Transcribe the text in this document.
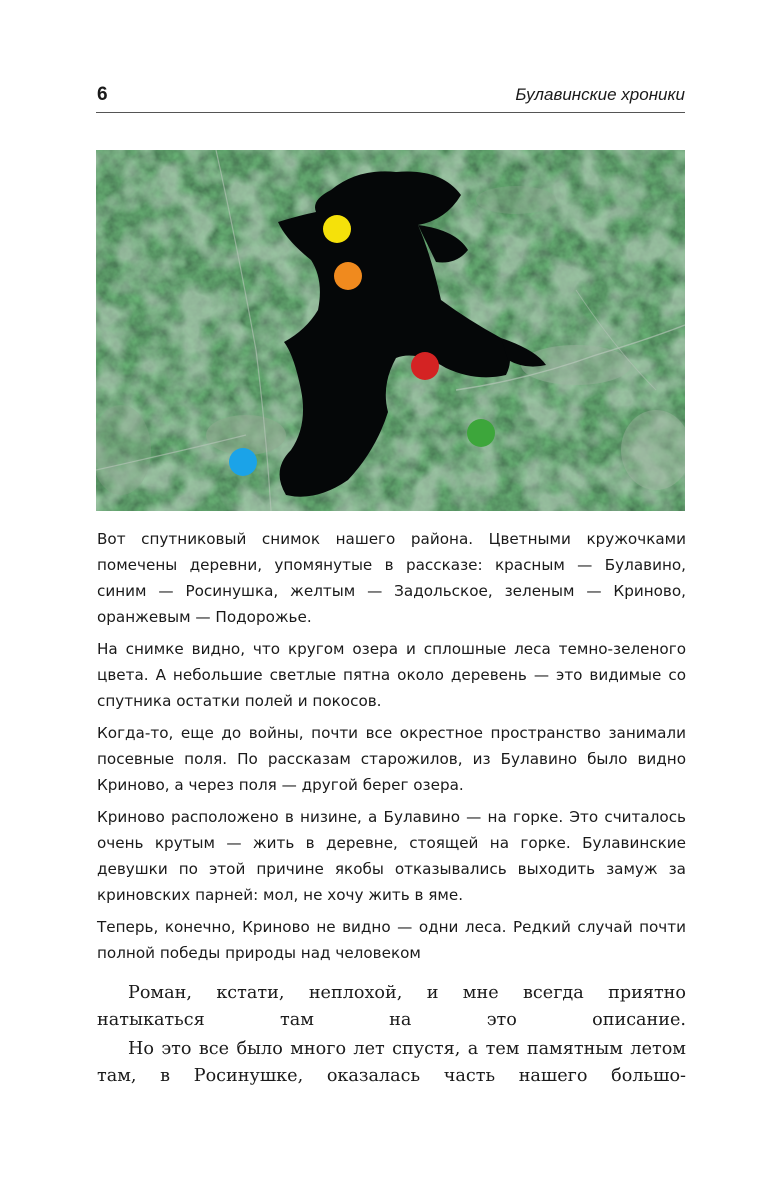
6	Булавинские хроники

Вот спутниковый снимок нашего района. Цветными кружочками помечены деревни, упомянутые в рассказе: красным — Булавино, синим — Росинушка, желтым — Задольское, зеленым — Криново, оранжевым — Подорожье.

На снимке видно, что кругом озера и сплошные леса темно-зеленого цвета. А небольшие светлые пятна около деревень — это видимые со спутника остатки полей и покосов.

Когда-то, еще до войны, почти все окрестное пространство занимали посевные поля. По рассказам старожилов, из Булавино было видно Криново, а через поля — другой берег озера.

Криново расположено в низине, а Булавино — на горке. Это считалось очень крутым — жить в деревне, стоящей на горке. Булавинские девушки по этой причине якобы отказывались выходить замуж за криновских парней: мол, не хочу жить в яме.

Теперь, конечно, Криново не видно — одни леса. Редкий случай почти полной победы природы над человеком

Роман, кстати, неплохой, и мне всегда приятно натыкаться там на это описание.

Но это все было много лет спустя, а тем памятным летом там, в Росинушке, оказалась часть нашего большо-
